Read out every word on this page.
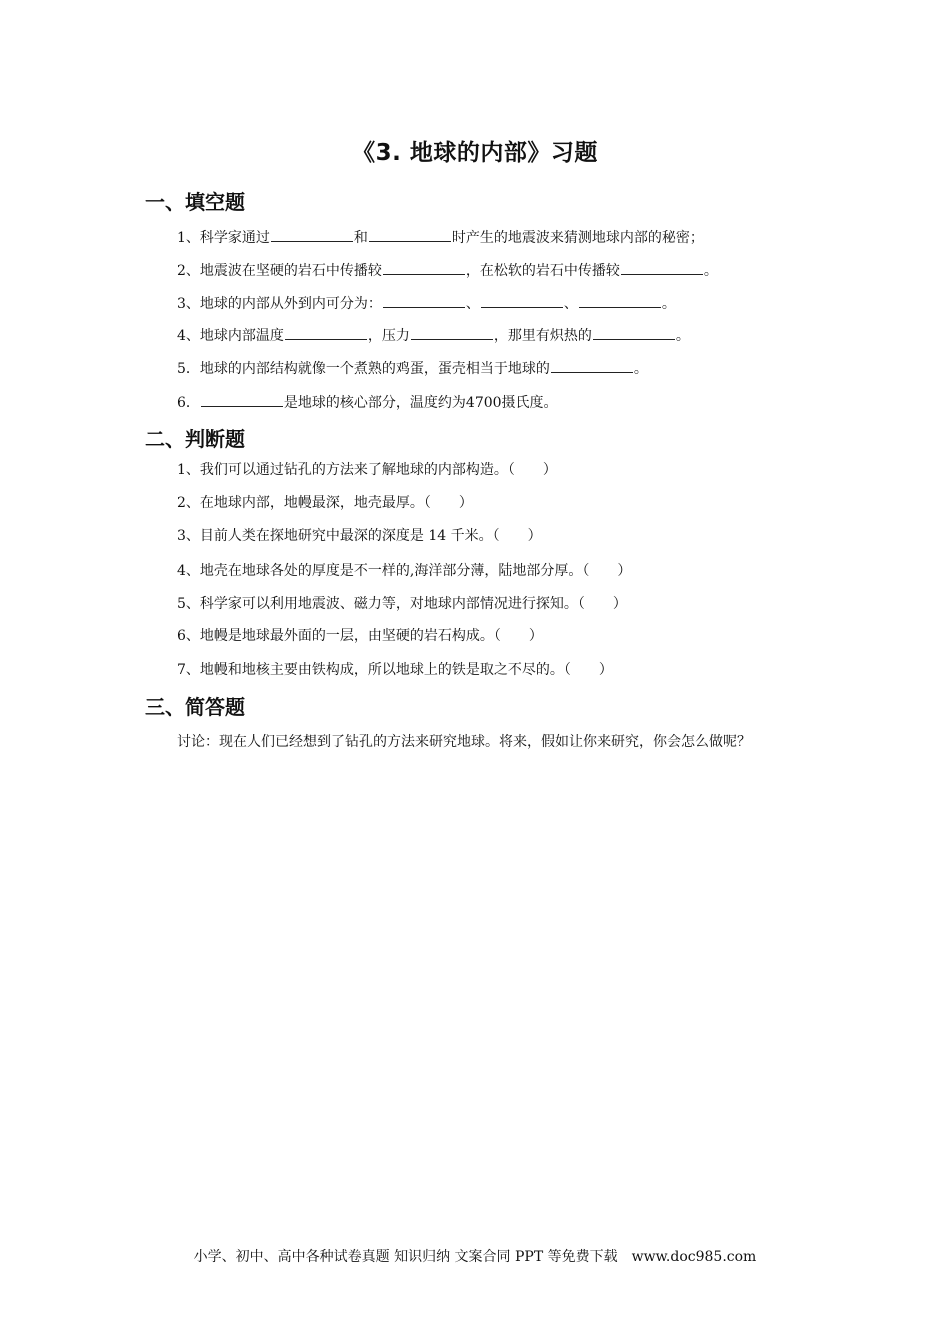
《3. 地球的内部》习题
一、填空题
1、科学家通过	和	时产生的地震波来猜测地球内部的秘密；
2、地震波在坚硬的岩石中传播较	，在松软的岩石中传播较	。
3、地球的内部从外到内可分为：	、	、	。
4、地球内部温度	，压力	，那里有炽热的	。
5．地球的内部结构就像一个煮熟的鸡蛋，蛋壳相当于地球的	。
6．	是地球的核心部分，温度约为4700摄氏度。
二、判断题
1、我们可以通过钻孔的方法来了解地球的内部构造。（　　）
2、在地球内部，地幔最深，地壳最厚。（　　）
3、目前人类在探地研究中最深的深度是 14 千米。（　　）
4、地壳在地球各处的厚度是不一样的,海洋部分薄，陆地部分厚。（　　）
5、科学家可以利用地震波、磁力等，对地球内部情况进行探知。（　　）
6、地幔是地球最外面的一层，由坚硬的岩石构成。（　　）
7、地幔和地核主要由铁构成，所以地球上的铁是取之不尽的。（　　）
三、简答题
讨论：现在人们已经想到了钻孔的方法来研究地球。将来，假如让你来研究，你会怎么做呢？
小学、初中、高中各种试卷真题 知识归纳 文案合同 PPT 等免费下载　www.doc985.com
